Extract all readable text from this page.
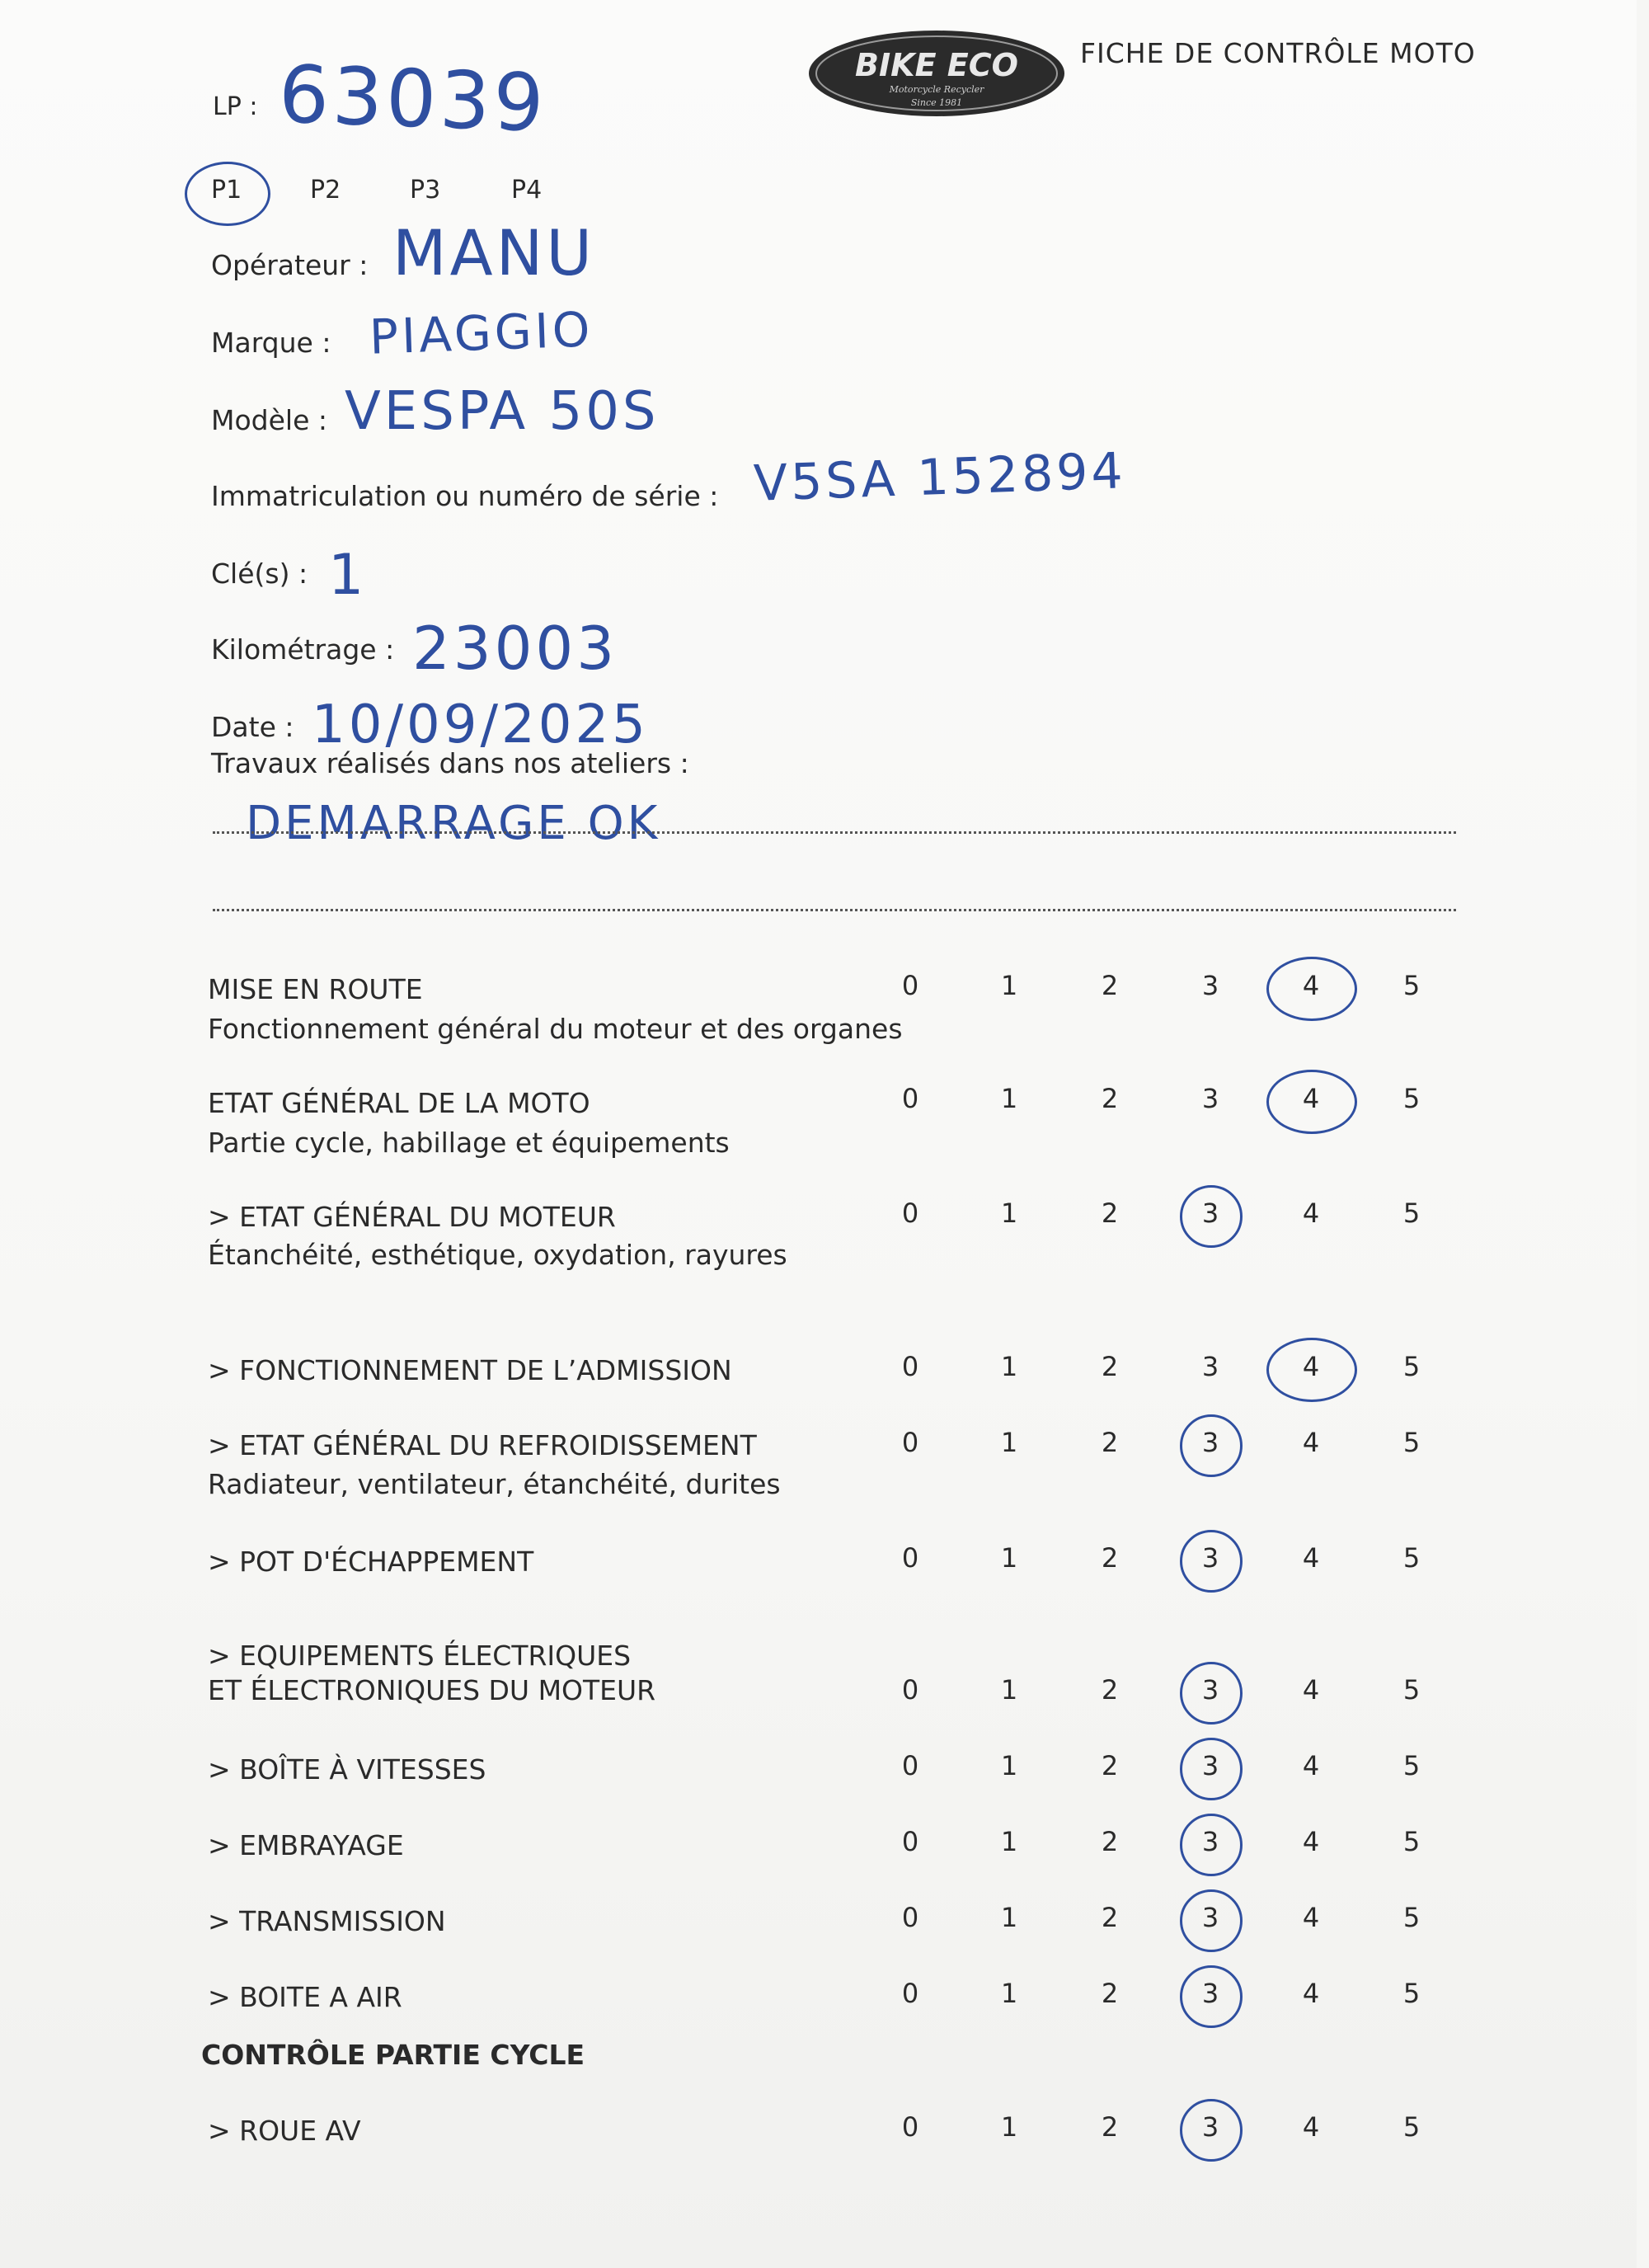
BIKE ECO
Motorcycle Recycler
Since 1981
FICHE DE CONTRÔLE MOTO
LP : 63039
P1	P2	P3	P4
Opérateur : MANU
Marque : PIAGGIO
Modèle : VESPA 50S
Immatriculation ou numéro de série : V5SA 152894
Clé(s) : 1
Kilométrage : 23003
Date : 10/09/2025
Travaux réalisés dans nos ateliers :
DEMARRAGE OK
MISE EN ROUTE
Fonctionnement général du moteur et des organes
0	1	2	3	4	5
ETAT GÉNÉRAL DE LA MOTO
Partie cycle, habillage et équipements
0	1	2	3	4	5
> ETAT GÉNÉRAL DU MOTEUR
Étanchéité, esthétique, oxydation, rayures
0	1	2	3	4	5
> FONCTIONNEMENT DE L’ADMISSION	0	1	2	3	4	5
> ETAT GÉNÉRAL DU REFROIDISSEMENT
Radiateur, ventilateur, étanchéité, durites
0	1	2	3	4	5
> POT D'ÉCHAPPEMENT	0	1	2	3	4	5
> EQUIPEMENTS ÉLECTRIQUES
ET ÉLECTRONIQUES DU MOTEUR	0	1	2	3	4	5
> BOÎTE À VITESSES	0	1	2	3	4	5
> EMBRAYAGE	0	1	2	3	4	5
> TRANSMISSION	0	1	2	3	4	5
> BOITE A AIR	0	1	2	3	4	5
> ROUE AV	0	1	2	3	4	5
CONTRÔLE PARTIE CYCLE
